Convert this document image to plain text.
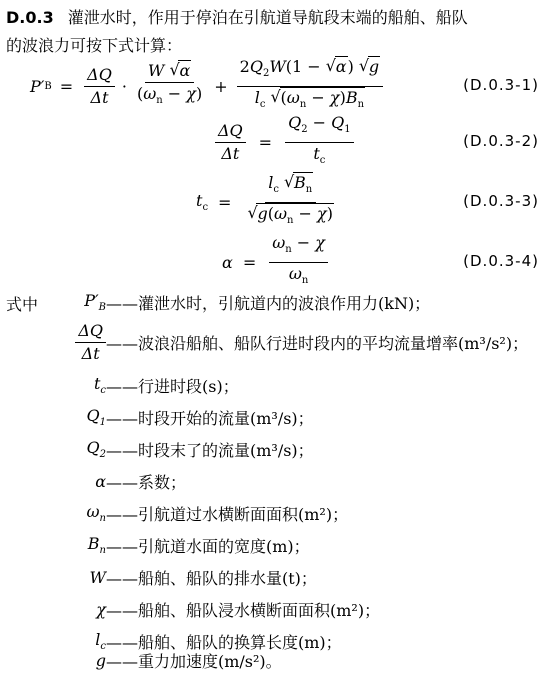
D.0.3 灌泄水时，作用于停泊在引航道导航段末端的船舶、船队
的波浪力可按下式计算：
P′ $B = \frac{\Delta Q}{\Delta t} \cdot \frac{W √ \alpha}{(\omega_n - \chi)} + \frac{2Q_2W(1 - √ \alpha) √ g}{l_c √ (\omega_n - \chi)B_n}$	(D.0.3-1)
$\frac{\Delta Q}{\Delta t} = \frac{Q_2 - Q_1}{t_c}$	(D.0.3-2)
$t_c = l_c$ √ $B_n$
√ $g(\omega_n - \chi)$	(D.0.3-3)
$\alpha = \frac{\omega_n - \chi}{\omega_n}$	(D.0.3-4)
式中	$P'_B$ ——灌泄水时，引航道内的波浪作用力(kN)；
$\frac{\Delta Q}{\Delta t}$ ——波浪沿船舶、船队行进时段内的平均流量增率(m³/s²)；
$t_c$ ——行进时段(s)；
$Q_1$ ——时段开始的流量(m³/s)；
$Q_2$ ——时段末了的流量(m³/s)；
α ——系数；
$\omega_n$ ——引航道过水横断面面积(m²)；
$B_n$ ——引航道水面的宽度(m)；
W ——船舶、船队的排水量(t)；
χ ——船舶、船队浸水横断面面积(m²)；
$l_c$ ——船舶、船队的换算长度(m)；
g ——重力加速度(m/s²)。
